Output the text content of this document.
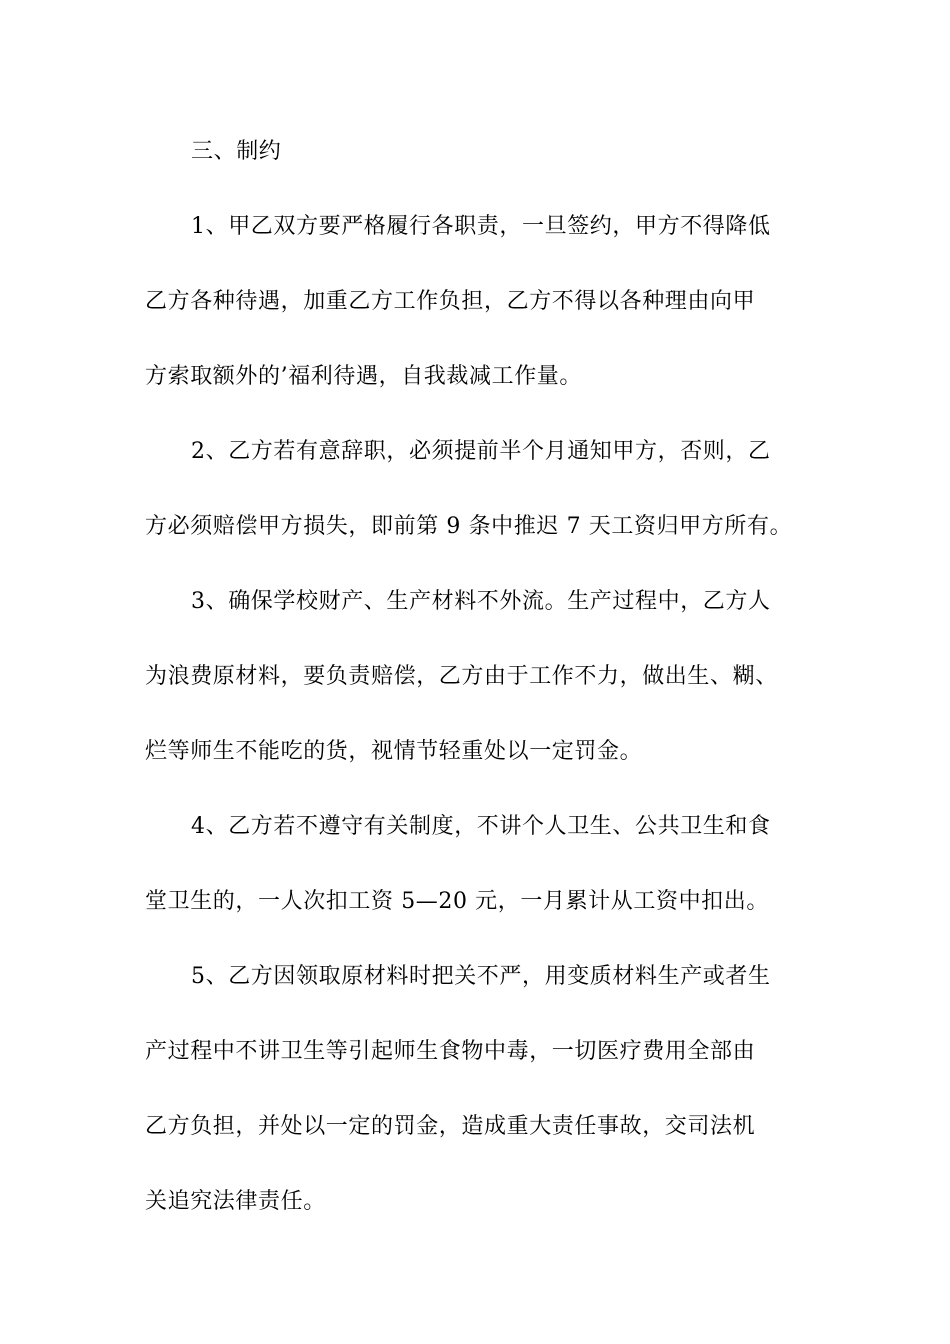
三、制约
1、甲乙双方要严格履行各职责，一旦签约，甲方不得降低
乙方各种待遇，加重乙方工作负担，乙方不得以各种理由向甲
方索取额外的’福利待遇，自我裁减工作量。
2、乙方若有意辞职，必须提前半个月通知甲方，否则，乙
方必须赔偿甲方损失，即前第 9 条中推迟 7 天工资归甲方所有。
3、确保学校财产、生产材料不外流。生产过程中，乙方人
为浪费原材料，要负责赔偿，乙方由于工作不力，做出生、糊、
烂等师生不能吃的货，视情节轻重处以一定罚金。
4、乙方若不遵守有关制度，不讲个人卫生、公共卫生和食
堂卫生的，一人次扣工资 5—20 元，一月累计从工资中扣出。
5、乙方因领取原材料时把关不严，用变质材料生产或者生
产过程中不讲卫生等引起师生食物中毒，一切医疗费用全部由
乙方负担，并处以一定的罚金，造成重大责任事故，交司法机
关追究法律责任。
